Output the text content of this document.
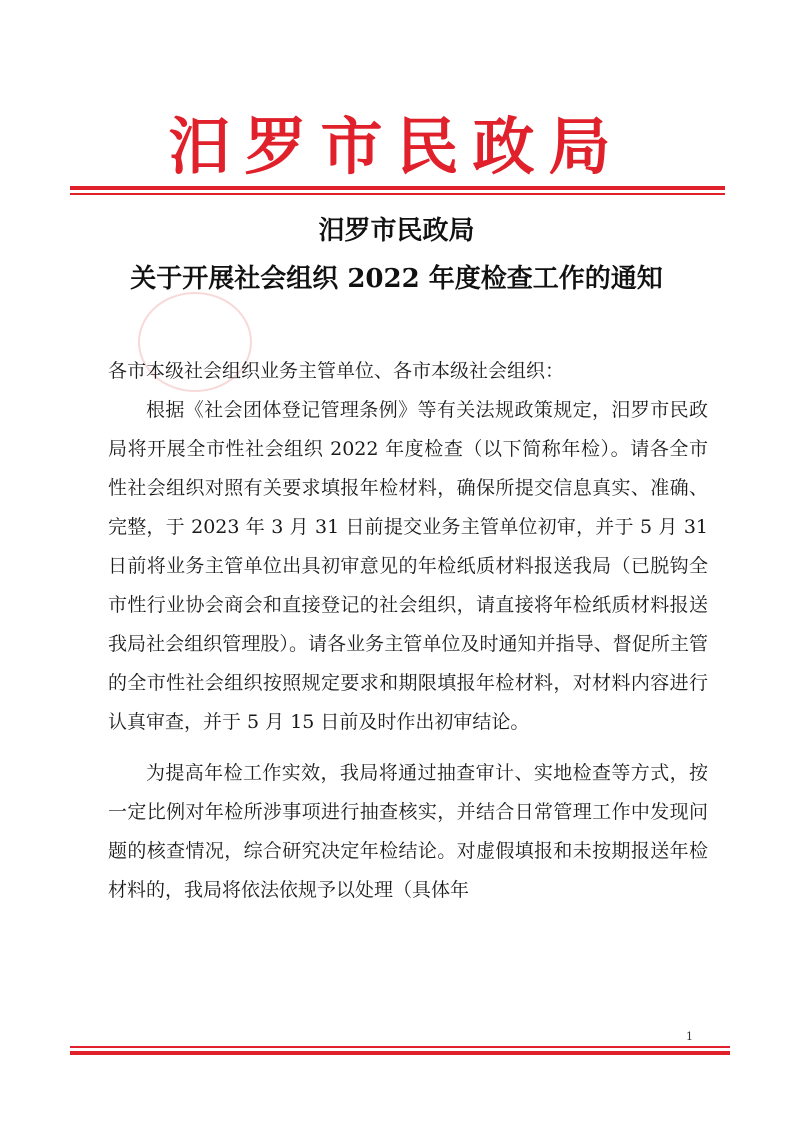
汨罗市民政局
汨罗市民政局
关于开展社会组织 2022 年度检查工作的通知

各市本级社会组织业务主管单位、各市本级社会组织：

根据《社会团体登记管理条例》等有关法规政策规定，汨罗市民政局将开展全市性社会组织 2022 年度检查（以下简称年检）。请各全市性社会组织对照有关要求填报年检材料，确保所提交信息真实、准确、完整，于 2023 年 3 月 31 日前提交业务主管单位初审，并于 5 月 31 日前将业务主管单位出具初审意见的年检纸质材料报送我局（已脱钩全市性行业协会商会和直接登记的社会组织，请直接将年检纸质材料报送我局社会组织管理股）。请各业务主管单位及时通知并指导、督促所主管的全市性社会组织按照规定要求和期限填报年检材料，对材料内容进行认真审查，并于 5 月 15 日前及时作出初审结论。

为提高年检工作实效，我局将通过抽查审计、实地检查等方式，按一定比例对年检所涉事项进行抽查核实，并结合日常管理工作中发现问题的核查情况，综合研究决定年检结论。对虚假填报和未按期报送年检材料的，我局将依法依规予以处理（具体年

1
